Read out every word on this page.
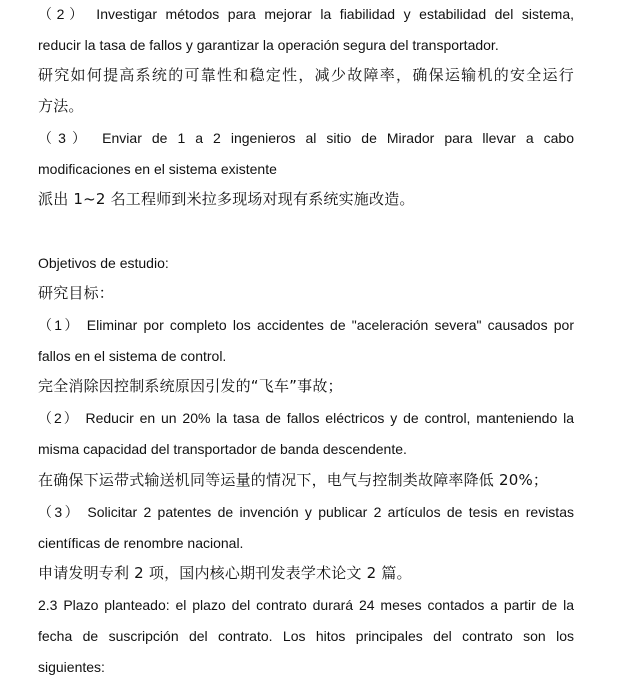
（2） Investigar métodos para mejorar la fiabilidad y estabilidad del sistema,
reducir la tasa de fallos y garantizar la operación segura del transportador.
研究如何提高系统的可靠性和稳定性，减少故障率，确保运输机的安全运行
方法。
（3） Enviar de 1 a 2 ingenieros al sitio de Mirador para llevar a cabo
modificaciones en el sistema existente
派出 1~2 名工程师到米拉多现场对现有系统实施改造。
Objetivos de estudio:
研究目标：
（1） Eliminar por completo los accidentes de "aceleración severa" causados por
fallos en el sistema de control.
完全消除因控制系统原因引发的“飞车”事故；
（2） Reducir en un 20% la tasa de fallos eléctricos y de control, manteniendo la
misma capacidad del transportador de banda descendente.
在确保下运带式输送机同等运量的情况下，电气与控制类故障率降低 20%；
（3） Solicitar 2 patentes de invención y publicar 2 artículos de tesis en revistas
científicas de renombre nacional.
申请发明专利 2 项，国内核心期刊发表学术论文 2 篇。
2.3 Plazo planteado: el plazo del contrato durará 24 meses contados a partir de la
fecha de suscripción del contrato. Los hitos principales del contrato son los
siguientes:
